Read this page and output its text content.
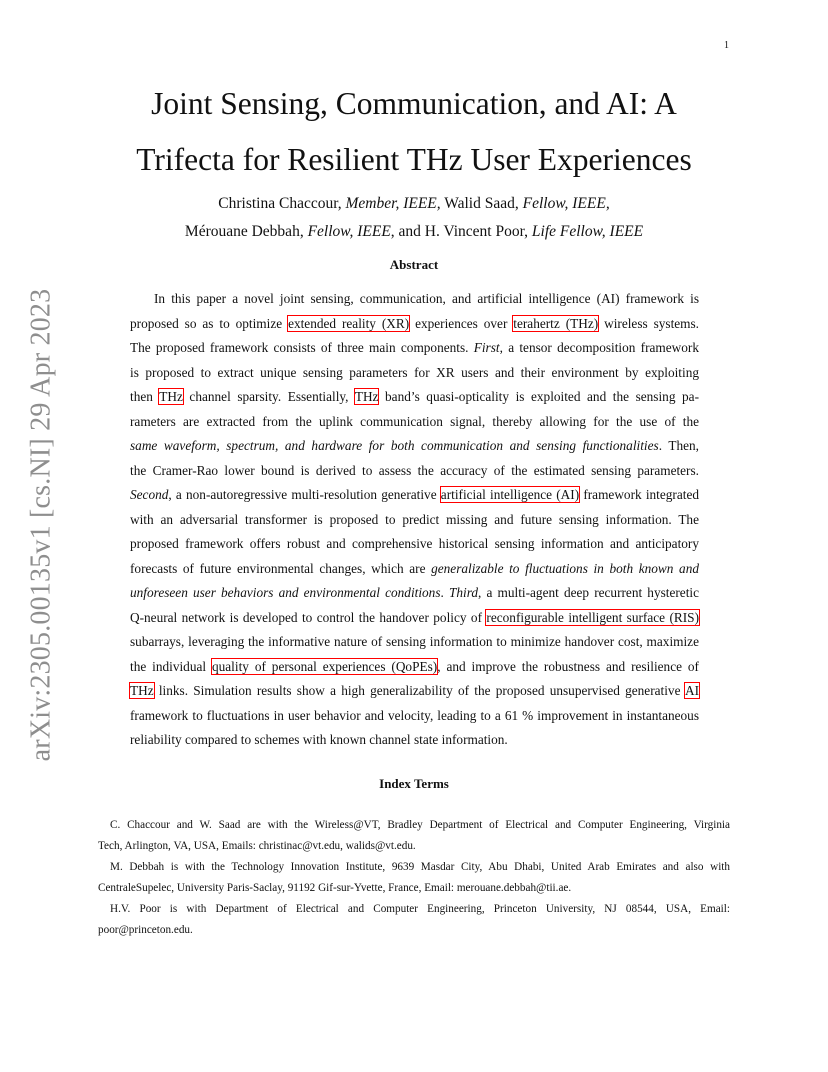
1
arXiv:2305.00135v1 [cs.NI] 29 Apr 2023
Joint Sensing, Communication, and AI: A
Trifecta for Resilient THz User Experiences
Christina Chaccour, Member, IEEE, Walid Saad, Fellow, IEEE,
Mérouane Debbah, Fellow, IEEE, and H. Vincent Poor, Life Fellow, IEEE
Abstract

In this paper a novel joint sensing, communication, and artificial intelligence (AI) framework is

proposed so as to optimize extended reality (XR) experiences over terahertz (THz) wireless systems.

The proposed framework consists of three main components. First, a tensor decomposition framework

is proposed to extract unique sensing parameters for XR users and their environment by exploiting

then THz channel sparsity. Essentially, THz band’s quasi-opticality is exploited and the sensing pa-

rameters are extracted from the uplink communication signal, thereby allowing for the use of the

same waveform, spectrum, and hardware for both communication and sensing functionalities. Then,

the Cramer-Rao lower bound is derived to assess the accuracy of the estimated sensing parameters.

Second, a non-autoregressive multi-resolution generative artificial intelligence (AI) framework integrated

with an adversarial transformer is proposed to predict missing and future sensing information. The

proposed framework offers robust and comprehensive historical sensing information and anticipatory

forecasts of future environmental changes, which are generalizable to fluctuations in both known and

unforeseen user behaviors and environmental conditions. Third, a multi-agent deep recurrent hysteretic

Q-neural network is developed to control the handover policy of reconfigurable intelligent surface (RIS)

subarrays, leveraging the informative nature of sensing information to minimize handover cost, maximize

the individual quality of personal experiences (QoPEs), and improve the robustness and resilience of

THz links. Simulation results show a high generalizability of the proposed unsupervised generative AI

framework to fluctuations in user behavior and velocity, leading to a 61 % improvement in instantaneous

reliability compared to schemes with known channel state information.

Index Terms

C. Chaccour and W. Saad are with the Wireless@VT, Bradley Department of Electrical and Computer Engineering, Virginia

Tech, Arlington, VA, USA, Emails: christinac@vt.edu, walids@vt.edu.

M. Debbah is with the Technology Innovation Institute, 9639 Masdar City, Abu Dhabi, United Arab Emirates and also with

CentraleSupelec, University Paris-Saclay, 91192 Gif-sur-Yvette, France, Email: merouane.debbah@tii.ae.

H.V. Poor is with Department of Electrical and Computer Engineering, Princeton University, NJ 08544, USA, Email:

poor@princeton.edu.
